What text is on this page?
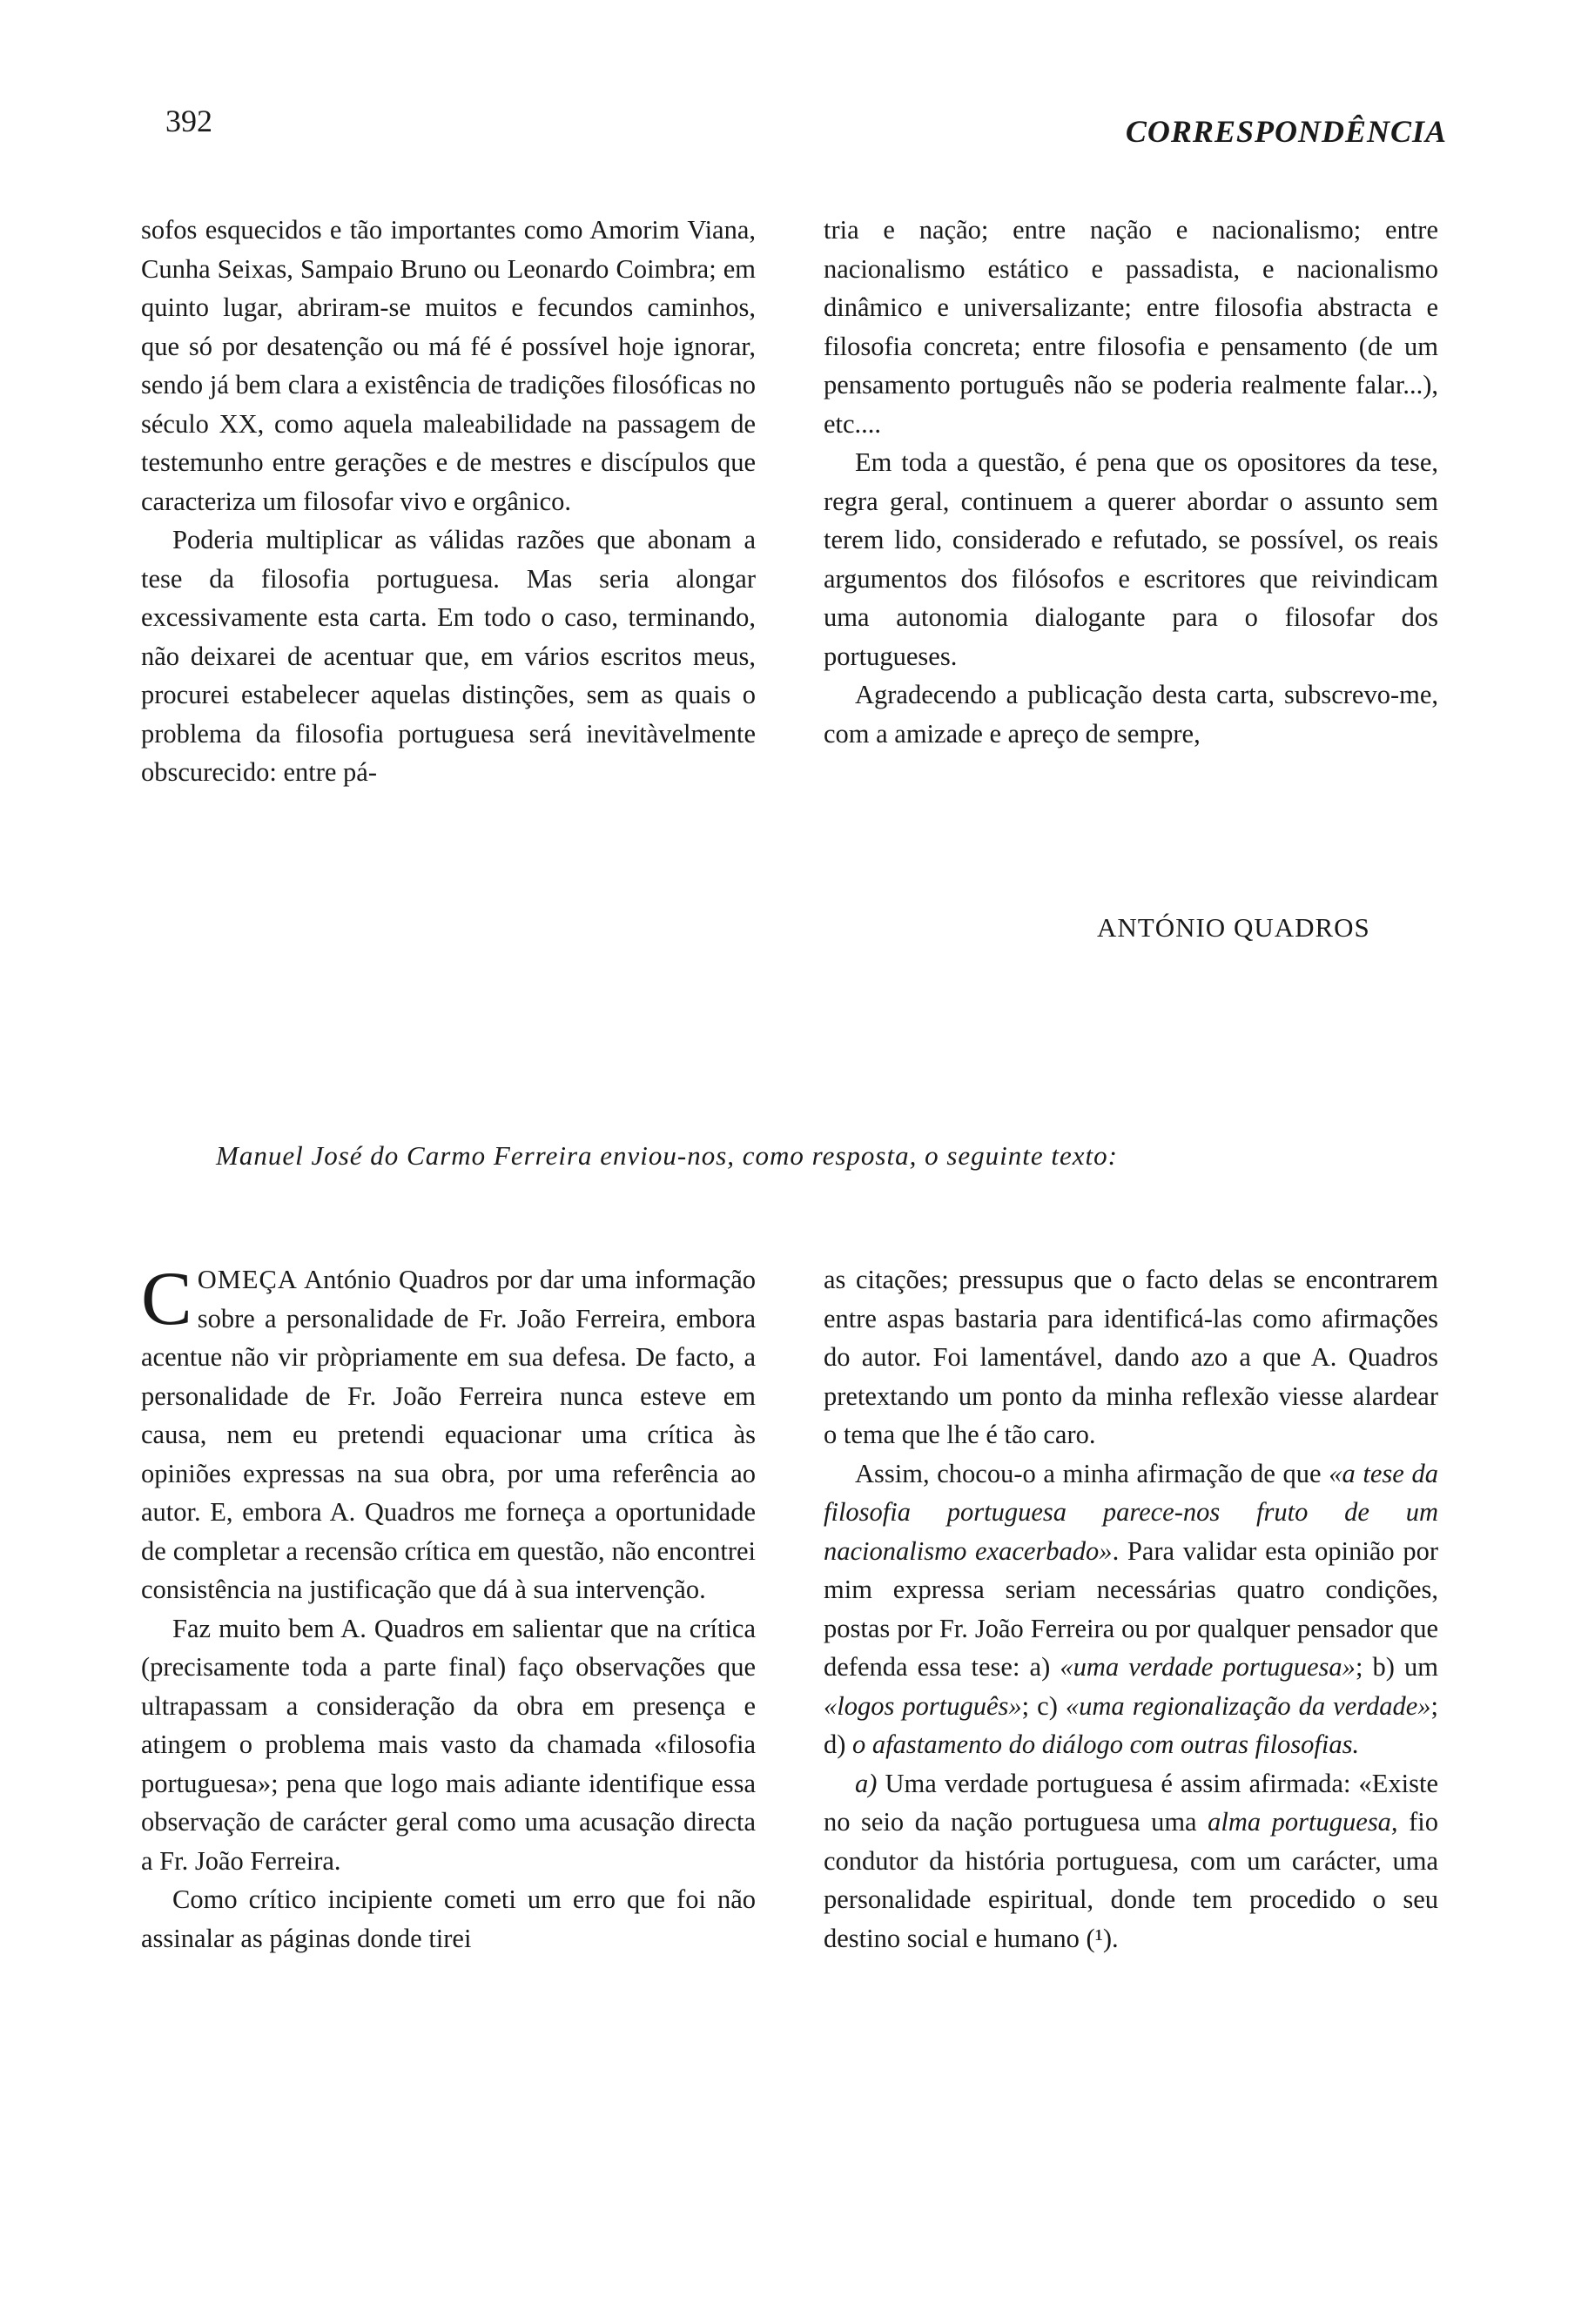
392	CORRESPONDÊNCIA

sofos esquecidos e tão importantes como Amorim Viana, Cunha Seixas, Sampaio Bruno ou Leonardo Coimbra; em quinto lugar, abriram-se muitos e fecundos caminhos, que só por desatenção ou má fé é possível hoje ignorar, sendo já bem clara a existência de tradições filosóficas no século XX, como aquela maleabilidade na passagem de testemunho entre gerações e de mestres e discípulos que caracteriza um filosofar vivo e orgânico.

Poderia multiplicar as válidas razões que abonam a tese da filosofia portuguesa. Mas seria alongar excessivamente esta carta. Em todo o caso, terminando, não deixarei de acentuar que, em vários escritos meus, procurei estabelecer aquelas distinções, sem as quais o problema da filosofia portuguesa será inevitàvelmente obscurecido: entre pá-

tria e nação; entre nação e nacionalismo; entre nacionalismo estático e passadista, e nacionalismo dinâmico e universalizante; entre filosofia abstracta e filosofia concreta; entre filosofia e pensamento (de um pensamento português não se poderia realmente falar...), etc....

Em toda a questão, é pena que os opositores da tese, regra geral, continuem a querer abordar o assunto sem terem lido, considerado e refutado, se possível, os reais argumentos dos filósofos e escritores que reivindicam uma autonomia dialogante para o filosofar dos portugueses.

Agradecendo a publicação desta carta, subscrevo-me, com a amizade e apreço de sempre,

ANTÓNIO QUADROS
Manuel José do Carmo Ferreira enviou-nos, como resposta, o seguinte texto:

COMEÇA António Quadros por dar uma informação sobre a personalidade de Fr. João Ferreira, embora acentue não vir pròpriamente em sua defesa. De facto, a personalidade de Fr. João Ferreira nunca esteve em causa, nem eu pretendi equacionar uma crítica às opiniões expressas na sua obra, por uma referência ao autor. E, embora A. Quadros me forneça a oportunidade de completar a recensão crítica em questão, não encontrei consistência na justificação que dá à sua intervenção.

Faz muito bem A. Quadros em salientar que na crítica (precisamente toda a parte final) faço observações que ultrapassam a consideração da obra em presença e atingem o problema mais vasto da chamada «filosofia portuguesa»; pena que logo mais adiante identifique essa observação de carácter geral como uma acusação directa a Fr. João Ferreira.

Como crítico incipiente cometi um erro que foi não assinalar as páginas donde tirei

as citações; pressupus que o facto delas se encontrarem entre aspas bastaria para identificá-las como afirmações do autor. Foi lamentável, dando azo a que A. Quadros pretextando um ponto da minha reflexão viesse alardear o tema que lhe é tão caro.

Assim, chocou-o a minha afirmação de que «a tese da filosofia portuguesa parece-nos fruto de um nacionalismo exacerbado». Para validar esta opinião por mim expressa seriam necessárias quatro condições, postas por Fr. João Ferreira ou por qualquer pensador que defenda essa tese: a) «uma verdade portuguesa»; b) um «logos português»; c) «uma regionalização da verdade»; d) o afastamento do diálogo com outras filosofias.

a) Uma verdade portuguesa é assim afirmada: «Existe no seio da nação portuguesa uma alma portuguesa, fio condutor da história portuguesa, com um carácter, uma personalidade espiritual, donde tem procedido o seu destino social e humano (¹).
